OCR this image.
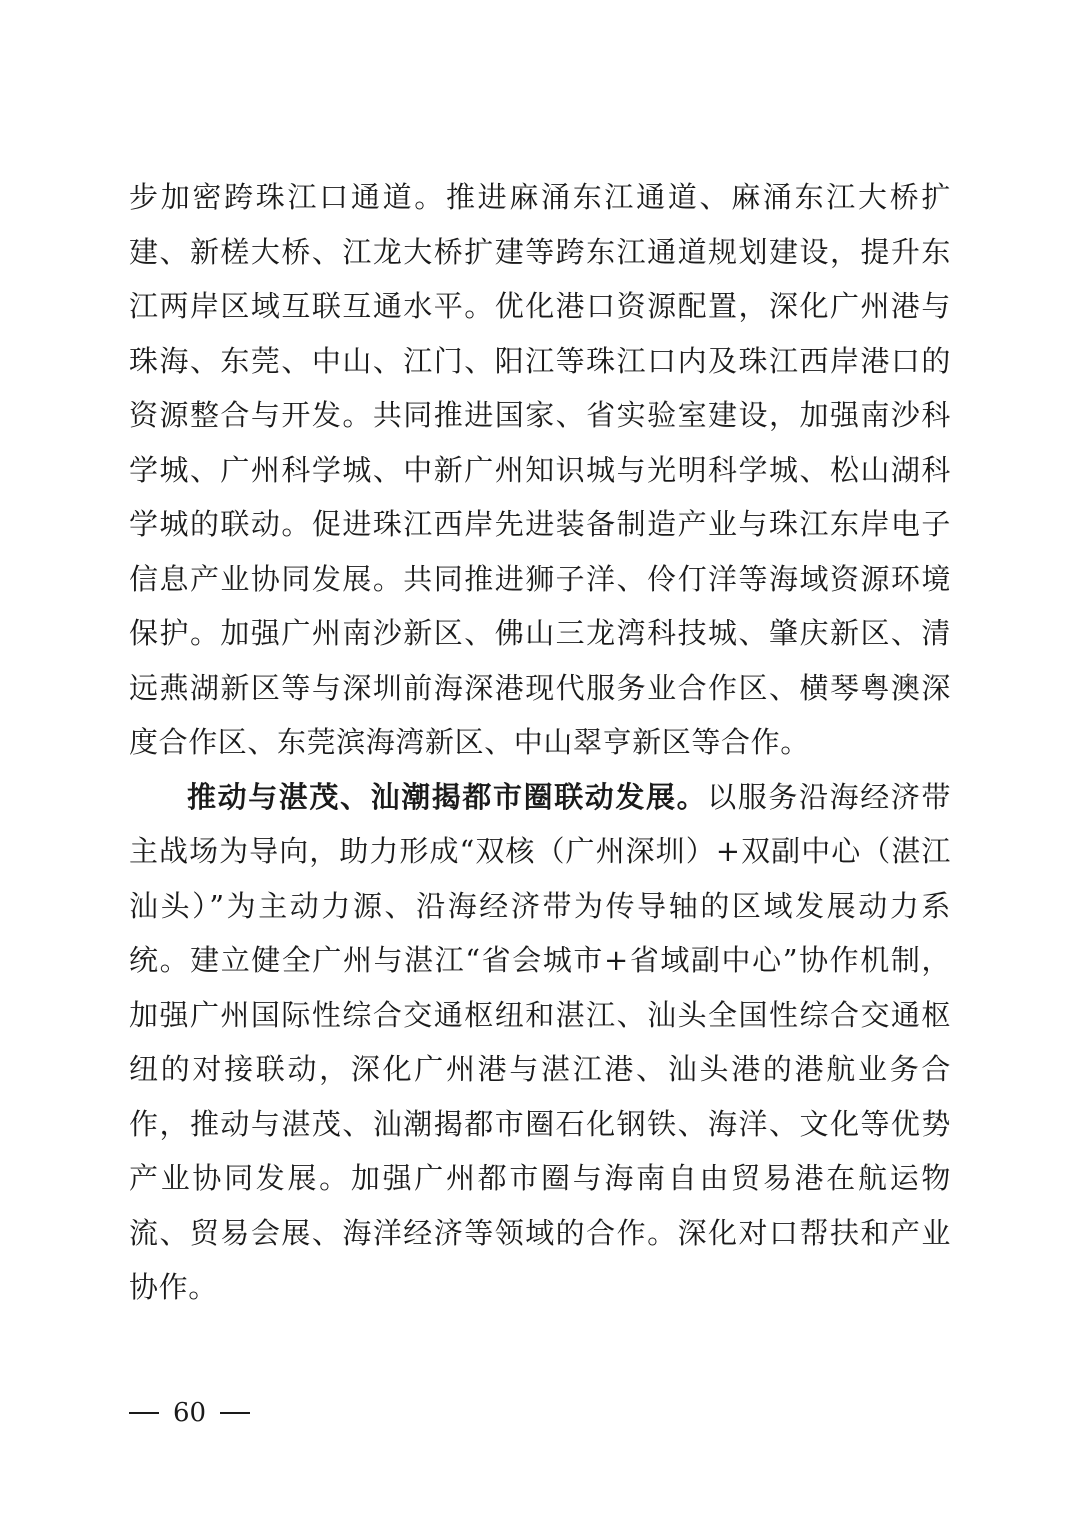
步加密跨珠江口通道。推进麻涌东江通道、麻涌东江大桥扩建、新槎大桥、江龙大桥扩建等跨东江通道规划建设，提升东江两岸区域互联互通水平。优化港口资源配置，深化广州港与珠海、东莞、中山、江门、阳江等珠江口内及珠江西岸港口的资源整合与开发。共同推进国家、省实验室建设，加强南沙科学城、广州科学城、中新广州知识城与光明科学城、松山湖科学城的联动。促进珠江西岸先进装备制造产业与珠江东岸电子信息产业协同发展。共同推进狮子洋、伶仃洋等海域资源环境保护。加强广州南沙新区、佛山三龙湾科技城、肇庆新区、清远燕湖新区等与深圳前海深港现代服务业合作区、横琴粤澳深度合作区、东莞滨海湾新区、中山翠亨新区等合作。

推动与湛茂、汕潮揭都市圈联动发展。以服务沿海经济带主战场为导向，助力形成“双核（广州深圳）+双副中心（湛江汕头）”为主动力源、沿海经济带为传导轴的区域发展动力系统。建立健全广州与湛江“省会城市+省域副中心”协作机制，加强广州国际性综合交通枢纽和湛江、汕头全国性综合交通枢纽的对接联动，深化广州港与湛江港、汕头港的港航业务合作，推动与湛茂、汕潮揭都市圈石化钢铁、海洋、文化等优势产业协同发展。加强广州都市圈与海南自由贸易港在航运物流、贸易会展、海洋经济等领域的合作。深化对口帮扶和产业协作。

60
